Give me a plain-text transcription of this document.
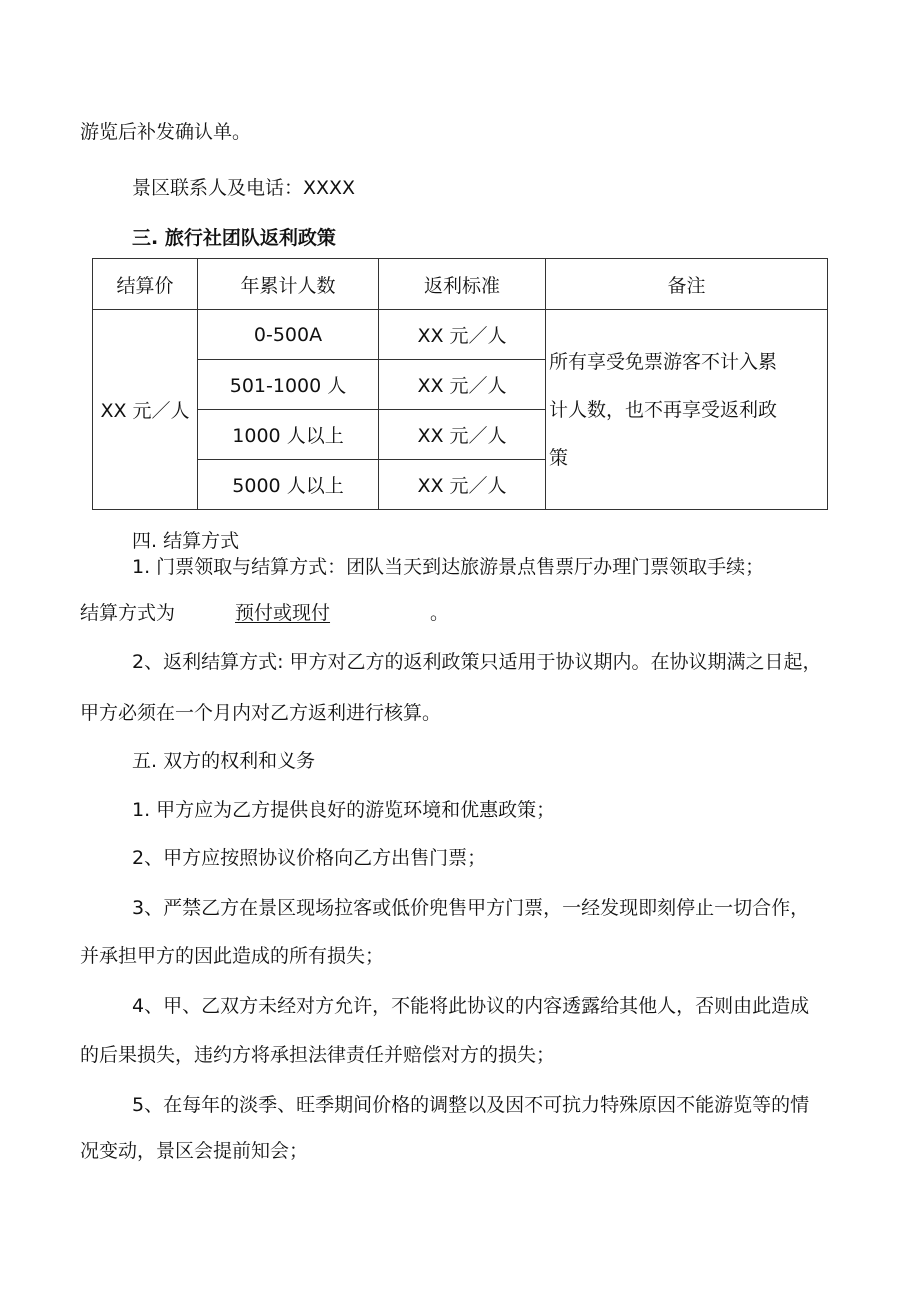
游览后补发确认单。
景区联系人及电话：XXXX
三. 旅行社团队返利政策
结算价	年累计人数	返利标准	备注
XX 元／人	0-500A	XX 元／人	所有享受免票游客不计入累
计人数，也不再享受返利政
策

	501-1000 人	XX 元／人	
	1000 人以上	XX 元／人	
	5000 人以上	XX 元／人	
四. 结算方式
1. 门票领取与结算方式：团队当天到达旅游景点售票厅办理门票领取手续；
结算方式为	预付或现付	。
2、返利结算方式: 甲方对乙方的返利政策只适用于协议期内。在协议期满之日起，
甲方必须在一个月内对乙方返利进行核算。
五. 双方的权利和义务
1. 甲方应为乙方提供良好的游览环境和优惠政策；
2、甲方应按照协议价格向乙方出售门票；
3、严禁乙方在景区现场拉客或低价兜售甲方门票，一经发现即刻停止一切合作，
并承担甲方的因此造成的所有损失；
4、甲、乙双方未经对方允许，不能将此协议的内容透露给其他人，否则由此造成
的后果损失，违约方将承担法律责任并赔偿对方的损失；
5、在每年的淡季、旺季期间价格的调整以及因不可抗力特殊原因不能游览等的情
况变动，景区会提前知会；
